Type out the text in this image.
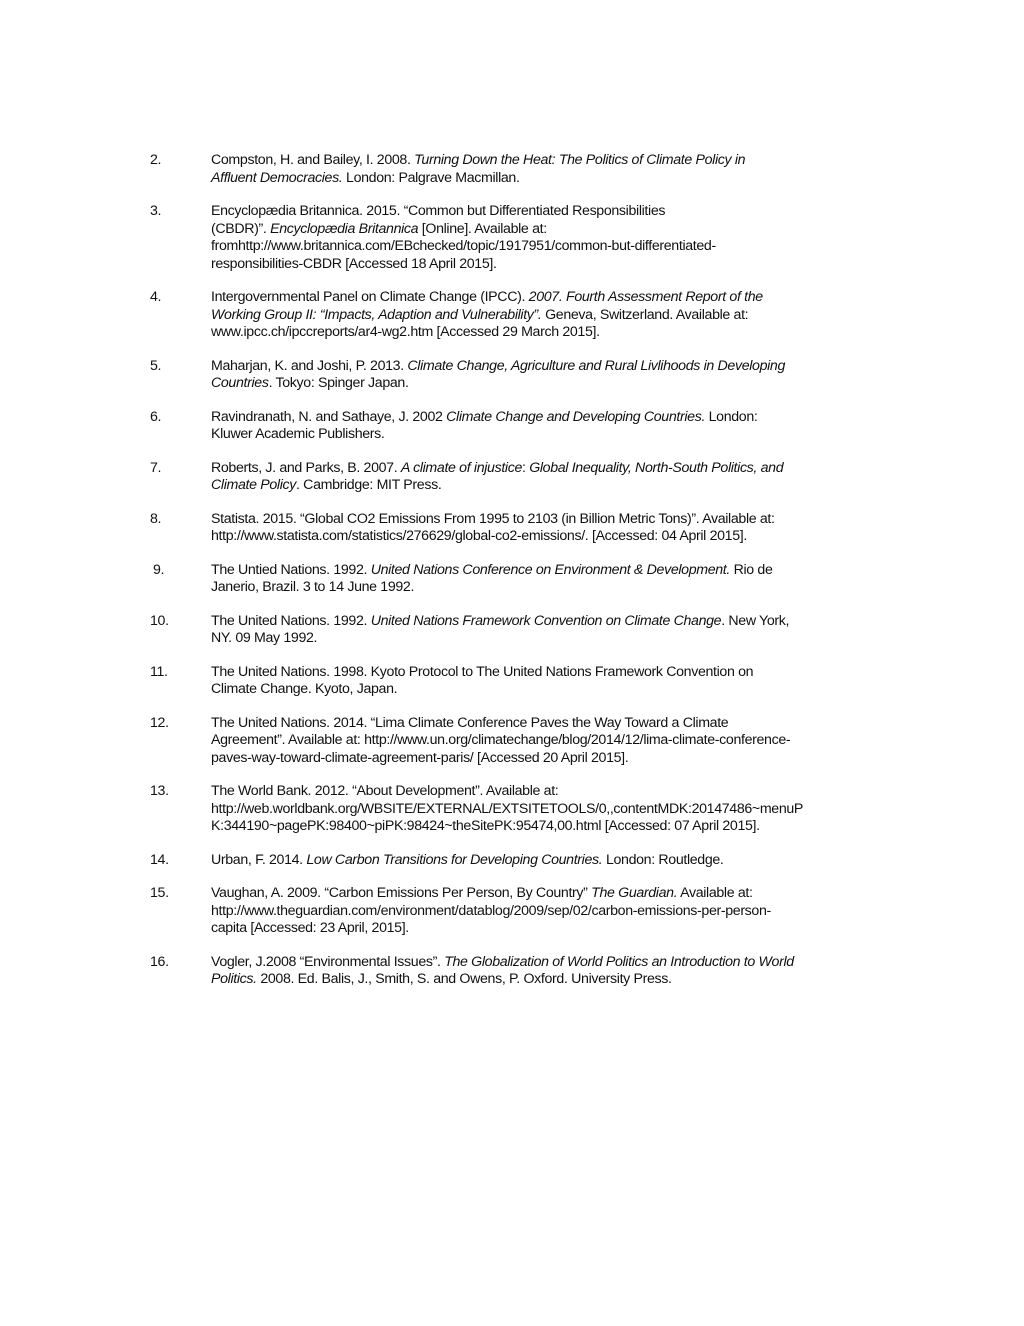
2.	Compston, H. and Bailey, I. 2008. Turning Down the Heat: The Politics of Climate Policy in
Affluent Democracies. London: Palgrave Macmillan.
3.	Encyclopædia Britannica. 2015. “Common but Differentiated Responsibilities
(CBDR)”. Encyclopædia Britannica [Online]. Available at:
fromhttp://www.britannica.com/EBchecked/topic/1917951/common-but-differentiated-
responsibilities-CBDR [Accessed 18 April 2015].
4.	Intergovernmental Panel on Climate Change (IPCC). 2007. Fourth Assessment Report of the
Working Group II: “Impacts, Adaption and Vulnerability”. Geneva, Switzerland. Available at:
www.ipcc.ch/ipccreports/ar4-wg2.htm [Accessed 29 March 2015].
5.	Maharjan, K. and Joshi, P. 2013. Climate Change, Agriculture and Rural Livlihoods in Developing
Countries. Tokyo: Spinger Japan.
6.	Ravindranath, N. and Sathaye, J. 2002 Climate Change and Developing Countries. London:
Kluwer Academic Publishers.
7.	Roberts, J. and Parks, B. 2007. A climate of injustice: Global Inequality, North-South Politics, and
Climate Policy. Cambridge: MIT Press.
8.	Statista. 2015. “Global CO2 Emissions From 1995 to 2103 (in Billion Metric Tons)”. Available at:
http://www.statista.com/statistics/276629/global-co2-emissions/. [Accessed: 04 April 2015].
9.	The Untied Nations. 1992. United Nations Conference on Environment & Development. Rio de
Janerio, Brazil. 3 to 14 June 1992.
10.	The United Nations. 1992. United Nations Framework Convention on Climate Change. New York,
NY. 09 May 1992.
11.	The United Nations. 1998. Kyoto Protocol to The United Nations Framework Convention on
Climate Change. Kyoto, Japan.
12.	The United Nations. 2014. “Lima Climate Conference Paves the Way Toward a Climate
Agreement”. Available at: http://www.un.org/climatechange/blog/2014/12/lima-climate-conference-
paves-way-toward-climate-agreement-paris/ [Accessed 20 April 2015].
13.	The World Bank. 2012. “About Development”. Available at:
http://web.worldbank.org/WBSITE/EXTERNAL/EXTSITETOOLS/0,,contentMDK:20147486~menuP
K:344190~pagePK:98400~piPK:98424~theSitePK:95474,00.html [Accessed: 07 April 2015].
14.	Urban, F. 2014. Low Carbon Transitions for Developing Countries. London: Routledge.
15.	Vaughan, A. 2009. “Carbon Emissions Per Person, By Country” The Guardian. Available at:
http://www.theguardian.com/environment/datablog/2009/sep/02/carbon-emissions-per-person-
capita [Accessed: 23 April, 2015].
16.	Vogler, J.2008 “Environmental Issues”. The Globalization of World Politics an Introduction to World
Politics. 2008. Ed. Balis, J., Smith, S. and Owens, P. Oxford. University Press.
